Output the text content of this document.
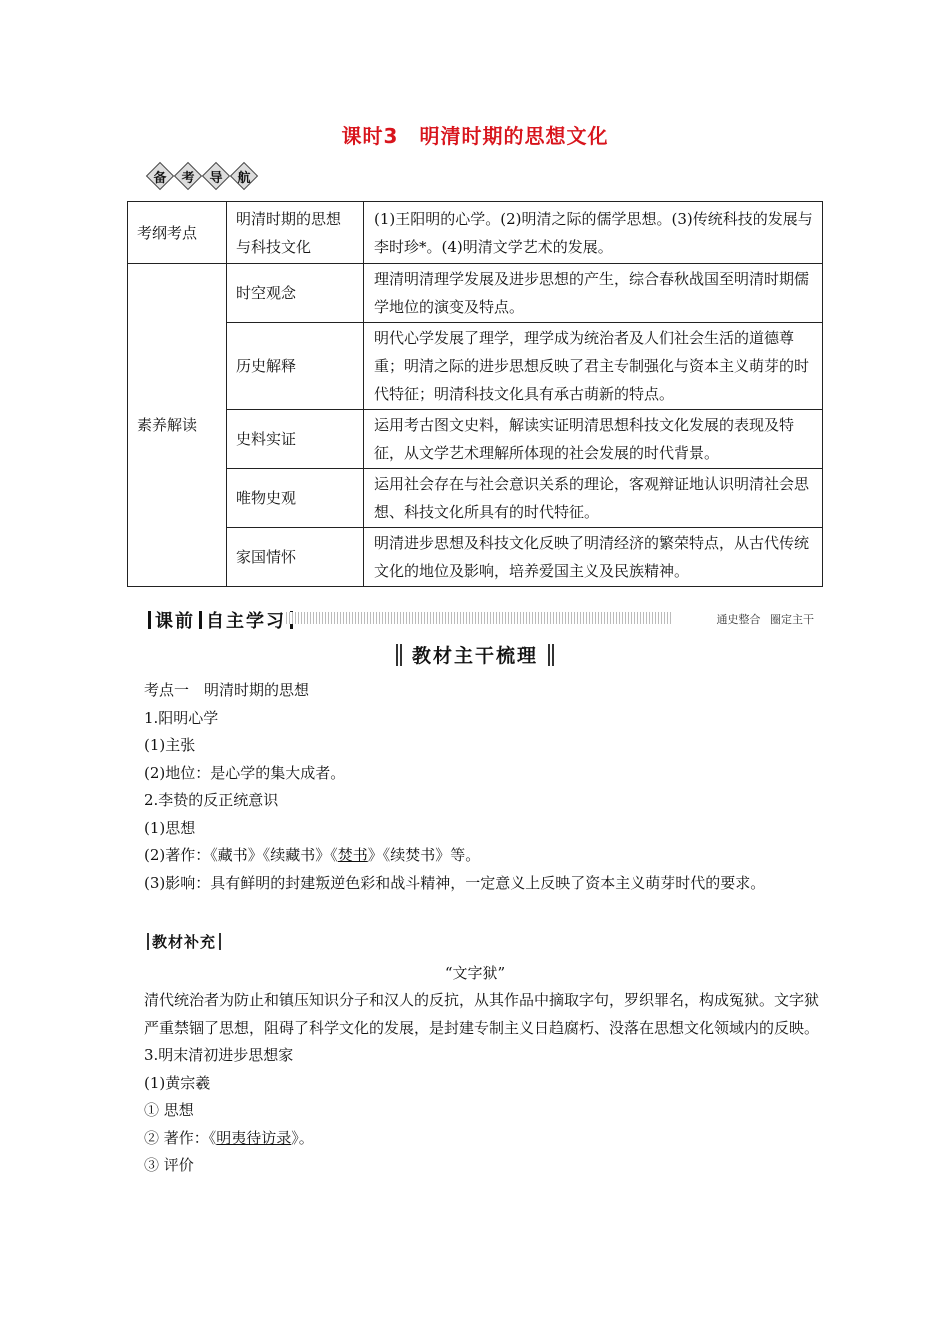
课时3　明清时期的思想文化
备	考	导	航
考纲考点	明清时期的思想与科技文化	(1)王阳明的心学。(2)明清之际的儒学思想。(3)传统科技的发展与李时珍*。(4)明清文学艺术的发展。
素养解读	时空观念	理清明清理学发展及进步思想的产生，综合春秋战国至明清时期儒学地位的演变及特点。
	历史解释	明代心学发展了理学，理学成为统治者及人们社会生活的道德尊重；明清之际的进步思想反映了君主专制强化与资本主义萌芽的时代特征；明清科技文化具有承古萌新的特点。
	史料实证	运用考古图文史料，解读实证明清思想科技文化发展的表现及特征，从文学艺术理解所体现的社会发展的时代背景。
	唯物史观	运用社会存在与社会意识关系的理论，客观辩证地认识明清社会思想、科技文化所具有的时代特征。
	家国情怀	明清进步思想及科技文化反映了明清经济的繁荣特点，从古代传统文化的地位及影响，培养爱国主义及民族精神。
课前 自主学习	通史整合 圈定主干
教材主干梳理

考点一　明清时期的思想

1.阳明心学

(1)主张

(2)地位：是心学的集大成者。

2.李贽的反正统意识

(1)思想

(2)著作：《藏书》《续藏书》《焚书》《续焚书》等。

(3)影响：具有鲜明的封建叛逆色彩和战斗精神，一定意义上反映了资本主义萌芽时代的要求。

教材补充
“文字狱”

清代统治者为防止和镇压知识分子和汉人的反抗，从其作品中摘取字句，罗织罪名，构成冤狱。文字狱严重禁锢了思想，阻碍了科学文化的发展，是封建专制主义日趋腐朽、没落在思想文化领域内的反映。

3.明末清初进步思想家

(1)黄宗羲

① 思想

② 著作：《明夷待访录》。

③ 评价
